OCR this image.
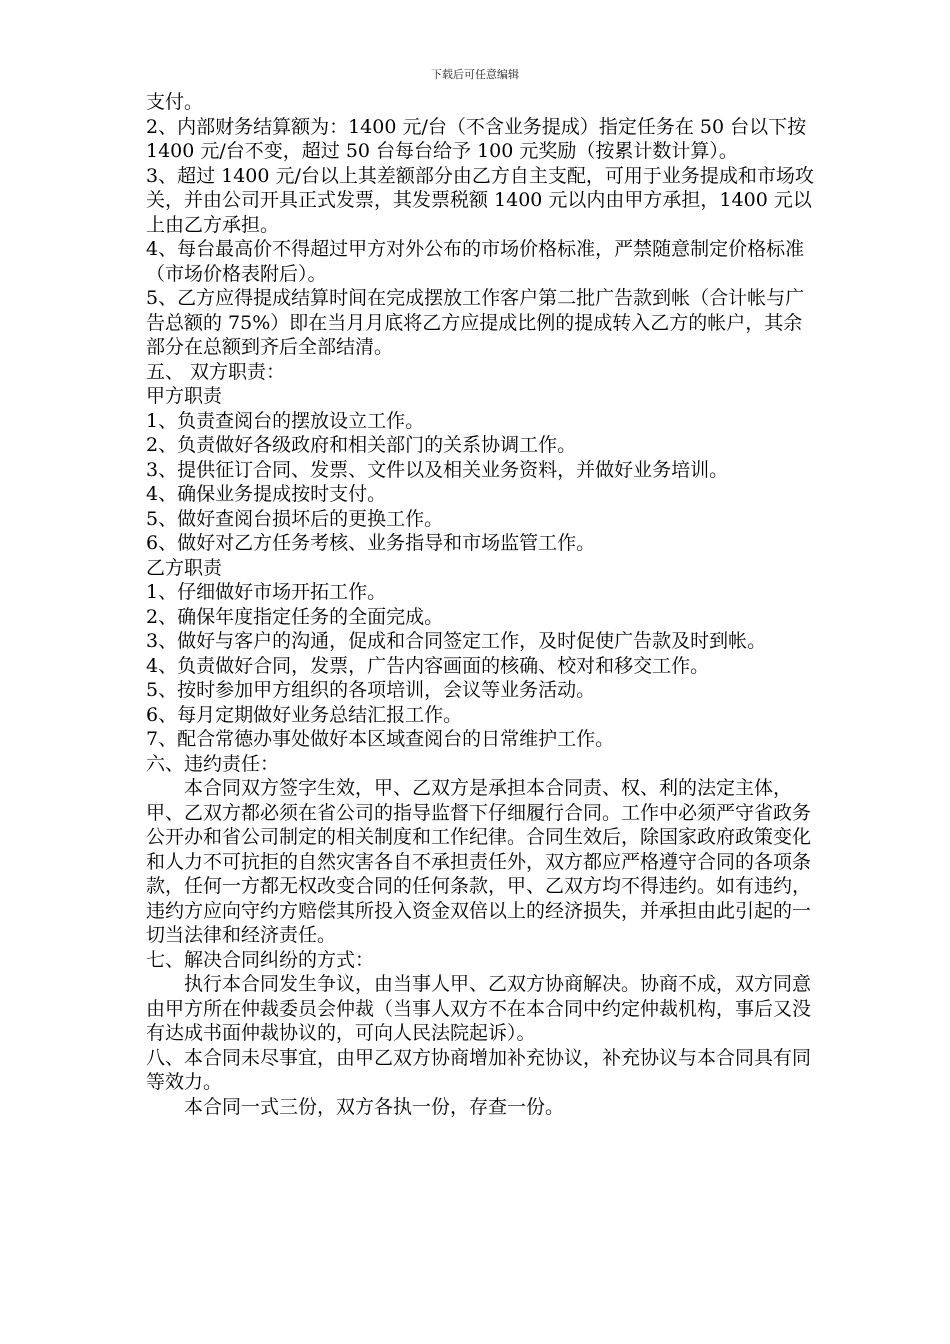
下载后可任意编辑

支付。

2、内部财务结算额为：1400 元/台（不含业务提成）指定任务在 50 台以下按 1400 元/台不变，超过 50 台每台给予 100 元奖励（按累计数计算）。

3、超过 1400 元/台以上其差额部分由乙方自主支配，可用于业务提成和市场攻关，并由公司开具正式发票，其发票税额 1400 元以内由甲方承担，1400 元以上由乙方承担。

4、每台最高价不得超过甲方对外公布的市场价格标准，严禁随意制定价格标准（市场价格表附后）。

5、乙方应得提成结算时间在完成摆放工作客户第二批广告款到帐（合计帐与广告总额的 75%）即在当月月底将乙方应提成比例的提成转入乙方的帐户，其余部分在总额到齐后全部结清。

五、 双方职责：

甲方职责

1、负责查阅台的摆放设立工作。

2、负责做好各级政府和相关部门的关系协调工作。

3、提供征订合同、发票、文件以及相关业务资料，并做好业务培训。

4、确保业务提成按时支付。

5、做好查阅台损坏后的更换工作。

6、做好对乙方任务考核、业务指导和市场监管工作。

乙方职责

1、仔细做好市场开拓工作。

2、确保年度指定任务的全面完成。

3、做好与客户的沟通，促成和合同签定工作，及时促使广告款及时到帐。

4、负责做好合同，发票，广告内容画面的核确、校对和移交工作。

5、按时参加甲方组织的各项培训，会议等业务活动。

6、每月定期做好业务总结汇报工作。

7、配合常德办事处做好本区域查阅台的日常维护工作。

六、违约责任：

本合同双方签字生效，甲、乙双方是承担本合同责、权、利的法定主体，甲、乙双方都必须在省公司的指导监督下仔细履行合同。工作中必须严守省政务公开办和省公司制定的相关制度和工作纪律。合同生效后，除国家政府政策变化和人力不可抗拒的自然灾害各自不承担责任外，双方都应严格遵守合同的各项条款，任何一方都无权改变合同的任何条款，甲、乙双方均不得违约。如有违约，违约方应向守约方赔偿其所投入资金双倍以上的经济损失，并承担由此引起的一切当法律和经济责任。

七、解决合同纠纷的方式：

执行本合同发生争议，由当事人甲、乙双方协商解决。协商不成，双方同意由甲方所在仲裁委员会仲裁（当事人双方不在本合同中约定仲裁机构，事后又没有达成书面仲裁协议的，可向人民法院起诉）。

八、本合同未尽事宜，由甲乙双方协商增加补充协议，补充协议与本合同具有同等效力。

本合同一式三份，双方各执一份，存查一份。
